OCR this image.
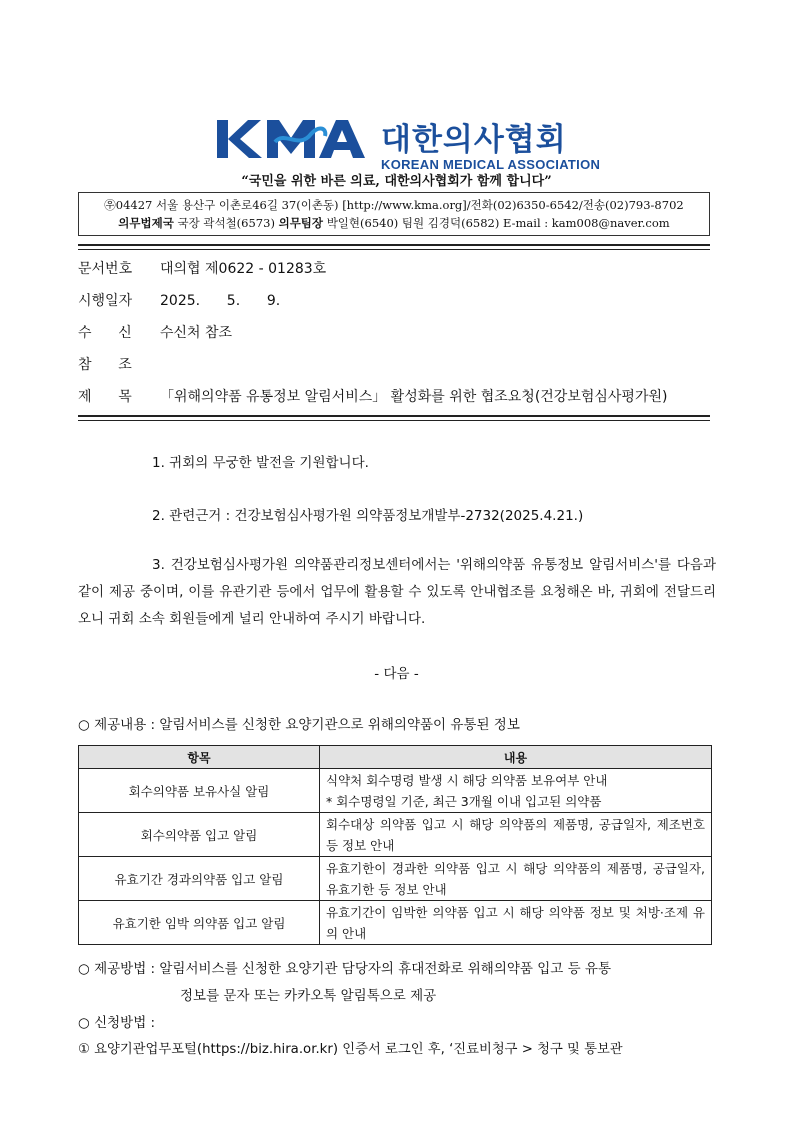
대한의사협회
KOREAN MEDICAL ASSOCIATION
“국민을 위한 바른 의료, 대한의사협회가 함께 합니다”
㉾04427 서울 용산구 이촌로46길 37(이촌동) [http://www.kma.org]/전화(02)6350-6542/전송(02)793-8702
의무법제국 국장 곽석철(6573) 의무팀장 박일현(6540) 팀원 김경덕(6582) E-mail : kam008@naver.com
문서번호 대의협 제0622 - 01283호
시행일자 2025.      5.      9.
수      신 수신처 참조
참      조
제      목 「위해의약품 유통정보 알림서비스」 활성화를 위한 협조요청(건강보험심사평가원)
1. 귀회의 무궁한 발전을 기원합니다.
2. 관련근거 : 건강보험심사평가원 의약품정보개발부-2732(2025.4.21.)
3. 건강보험심사평가원 의약품관리정보센터에서는 '위해의약품 유통정보 알림서비스'를 다음과 같이 제공 중이며, 이를 유관기관 등에서 업무에 활용할 수 있도록 안내협조를 요청해온 바, 귀회에 전달드리오니 귀회 소속 회원들에게 널리 안내하여 주시기 바랍니다.
- 다음 -
○ 제공내용 : 알림서비스를 신청한 요양기관으로 위해의약품이 유통된 정보
항목	내용
회수의약품 보유사실 알림	식약처 회수명령 발생 시 해당 의약품 보유여부 안내
* 회수명령일 기준, 최근 3개월 이내 입고된 의약품

회수의약품 입고 알림	회수대상 의약품 입고 시 해당 의약품의 제품명, 공급일자, 제조번호 등 정보 안내
유효기간 경과의약품 입고 알림	유효기한이 경과한 의약품 입고 시 해당 의약품의 제품명, 공급일자, 유효기한 등 정보 안내
유효기한 임박 의약품 입고 알림	유효기간이 임박한 의약품 입고 시 해당 의약품 정보 및 처방·조제 유의 안내
○ 제공방법 : 알림서비스를 신청한 요양기관 담당자의 휴대전화로 위해의약품 입고 등 유통
정보를 문자 또는 카카오톡 알림톡으로 제공
○ 신청방법 :
① 요양기관업무포털(https://biz.hira.or.kr) 인증서 로그인 후, ‘진료비청구 > 청구 및 통보관
